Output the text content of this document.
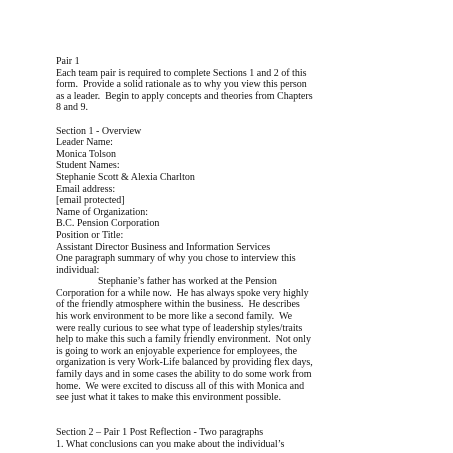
Pair 1
Each team pair is required to complete Sections 1 and 2 of this
form.  Provide a solid rationale as to why you view this person
as a leader.  Begin to apply concepts and theories from Chapters
8 and 9.
Section 1 - Overview
Leader Name:
Monica Tolson
Student Names:
Stephanie Scott & Alexia Charlton
Email address:
[email protected]
Name of Organization:
B.C. Pension Corporation
Position or Title:
Assistant Director Business and Information Services
One paragraph summary of why you chose to interview this
individual:
Stephanie’s father has worked at the Pension
Corporation for a while now.  He has always spoke very highly
of the friendly atmosphere within the business.  He describes
his work environment to be more like a second family.  We
were really curious to see what type of leadership styles/traits
help to make this such a family friendly environment.  Not only
is going to work an enjoyable experience for employees, the
organization is very Work-Life balanced by providing flex days,
family days and in some cases the ability to do some work from
home.  We were excited to discuss all of this with Monica and
see just what it takes to make this environment possible.
Section 2 – Pair 1 Post Reflection - Two paragraphs
1. What conclusions can you make about the individual’s
